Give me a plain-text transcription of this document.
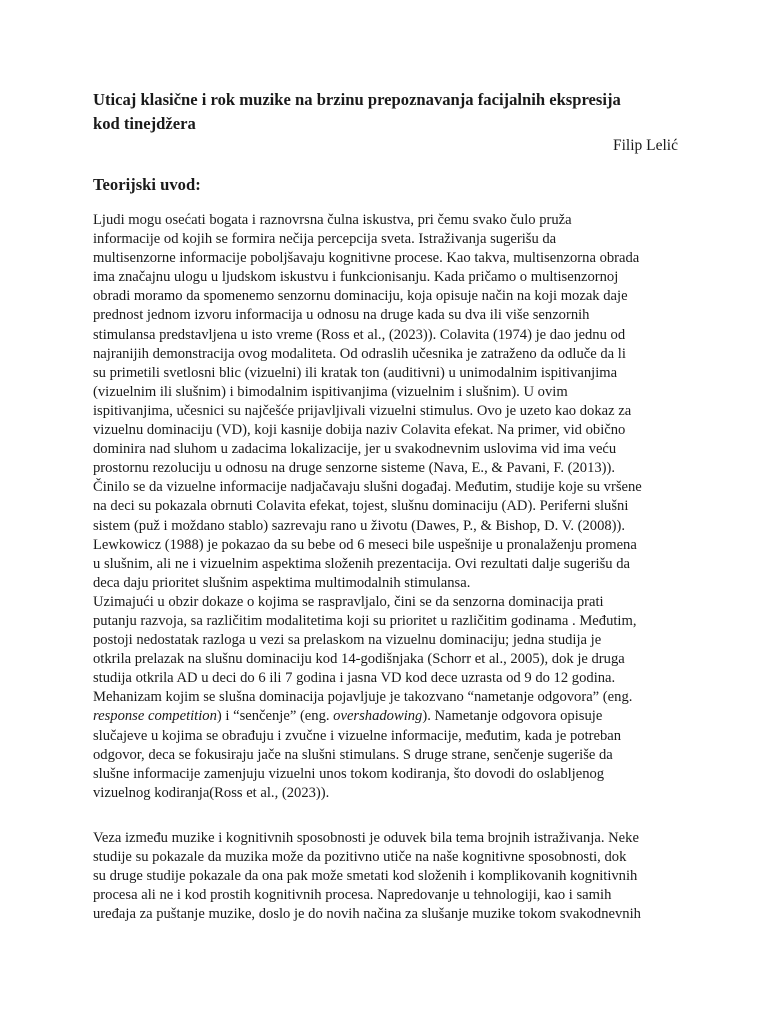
Uticaj klasične i rok muzike na brzinu prepoznavanja facijalnih ekspresija
kod tinejdžera
Filip Lelić
Teorijski uvod:
Ljudi mogu osećati bogata i raznovrsna čulna iskustva, pri čemu svako čulo pruža
informacije od kojih se formira nečija percepcija sveta. Istraživanja sugerišu da
multisenzorne informacije poboljšavaju kognitivne procese. Kao takva, multisenzorna obrada
ima značajnu ulogu u ljudskom iskustvu i funkcionisanju. Kada pričamo o multisenzornoj
obradi moramo da spomenemo senzornu dominaciju, koja opisuje način na koji mozak daje
prednost jednom izvoru informacija u odnosu na druge kada su dva ili više senzornih
stimulansa predstavljena u isto vreme (Ross et al., (2023)). Colavita (1974) je dao jednu od
najranijih demonstracija ovog modaliteta. Od odraslih učesnika je zatraženo da odluče da li
su primetili svetlosni blic (vizuelni) ili kratak ton (auditivni) u unimodalnim ispitivanjima
(vizuelnim ili slušnim) i bimodalnim ispitivanjima (vizuelnim i slušnim). U ovim
ispitivanjima, učesnici su najčešće prijavljivali vizuelni stimulus. Ovo je uzeto kao dokaz za
vizuelnu dominaciju (VD), koji kasnije dobija naziv Colavita efekat. Na primer, vid obično
dominira nad sluhom u zadacima lokalizacije, jer u svakodnevnim uslovima vid ima veću
prostornu rezoluciju u odnosu na druge senzorne sisteme (Nava, E., & Pavani, F. (2013)).
Činilo se da vizuelne informacije nadjačavaju slušni događaj. Međutim, studije koje su vršene
na deci su pokazala obrnuti Colavita efekat, tojest, slušnu dominaciju (AD). Periferni slušni
sistem (puž i moždano stablo) sazrevaju rano u životu (Dawes, P., & Bishop, D. V. (2008)).
Lewkowicz (1988) je pokazao da su bebe od 6 meseci bile uspešnije u pronalaženju promena
u slušnim, ali ne i vizuelnim aspektima složenih prezentacija. Ovi rezultati dalje sugerišu da
deca daju prioritet slušnim aspektima multimodalnih stimulansa.
Uzimajući u obzir dokaze o kojima se raspravljalo, čini se da senzorna dominacija prati
putanju razvoja, sa različitim modalitetima koji su prioritet u različitim godinama . Međutim,
postoji nedostatak razloga u vezi sa prelaskom na vizuelnu dominaciju; jedna studija je
otkrila prelazak na slušnu dominaciju kod 14-godišnjaka (Schorr et al., 2005), dok je druga
studija otkrila AD u deci do 6 ili 7 godina i jasna VD kod dece uzrasta od 9 do 12 godina.
Mehanizam kojim se slušna dominacija pojavljuje je takozvano “nametanje odgovora” (eng.
response competition) i “senčenje” (eng. overshadowing). Nametanje odgovora opisuje
slučajeve u kojima se obrađuju i zvučne i vizuelne informacije, međutim, kada je potreban
odgovor, deca se fokusiraju jače na slušni stimulans. S druge strane, senčenje sugeriše da
slušne informacije zamenjuju vizuelni unos tokom kodiranja, što dovodi do oslabljenog
vizuelnog kodiranja(Ross et al., (2023)).
Veza između muzike i kognitivnih sposobnosti je oduvek bila tema brojnih istraživanja. Neke
studije su pokazale da muzika može da pozitivno utiče na naše kognitivne sposobnosti, dok
su druge studije pokazale da ona pak može smetati kod složenih i komplikovanih kognitivnih
procesa ali ne i kod prostih kognitivnih procesa. Napredovanje u tehnologiji, kao i samih
uređaja za puštanje muzike, doslo je do novih načina za slušanje muzike tokom svakodnevnih
